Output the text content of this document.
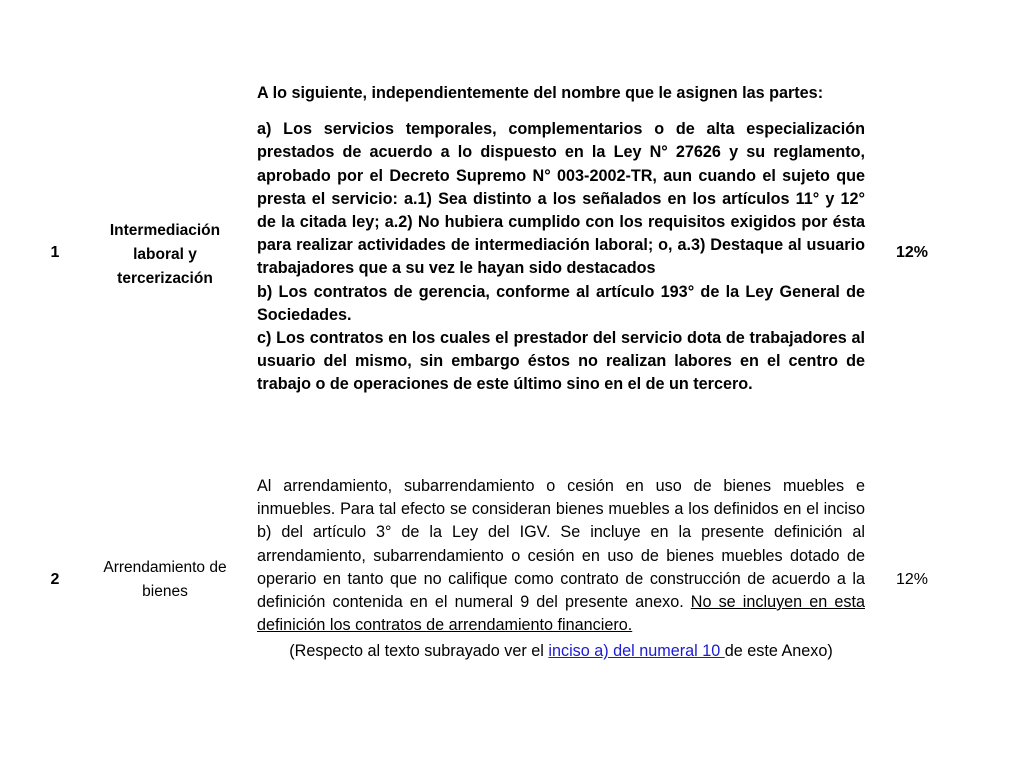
1
Intermediación laboral y tercerización
12%

A lo siguiente, independientemente del nombre que le asignen las partes:

a) Los servicios temporales, complementarios o de alta especialización prestados de acuerdo a lo dispuesto en la Ley N° 27626 y su reglamento, aprobado por el Decreto Supremo N° 003-2002-TR, aun cuando el sujeto que presta el servicio: a.1) Sea distinto a los señalados en los artículos 11° y 12° de la citada ley; a.2) No hubiera cumplido con los requisitos exigidos por ésta para realizar actividades de intermediación laboral; o, a.3) Destaque al usuario trabajadores que a su vez le hayan sido destacados

b) Los contratos de gerencia, conforme al artículo 193° de la Ley General de Sociedades.

c) Los contratos en los cuales el prestador del servicio dota de trabajadores al usuario del mismo, sin embargo éstos no realizan labores en el centro de trabajo o de operaciones de este último sino en el de un tercero.

2
Arrendamiento de bienes
12%

Al arrendamiento, subarrendamiento o cesión en uso de bienes muebles e inmuebles. Para tal efecto se consideran bienes muebles a los definidos en el inciso b) del artículo 3° de la Ley del IGV. Se incluye en la presente definición al arrendamiento, subarrendamiento o cesión en uso de bienes muebles dotado de operario en tanto que no califique como contrato de construcción de acuerdo a la definición contenida en el numeral 9 del presente anexo. No se incluyen en esta definición los contratos de arrendamiento financiero.

(Respecto al texto subrayado ver el inciso a) del numeral 10 de este Anexo)
